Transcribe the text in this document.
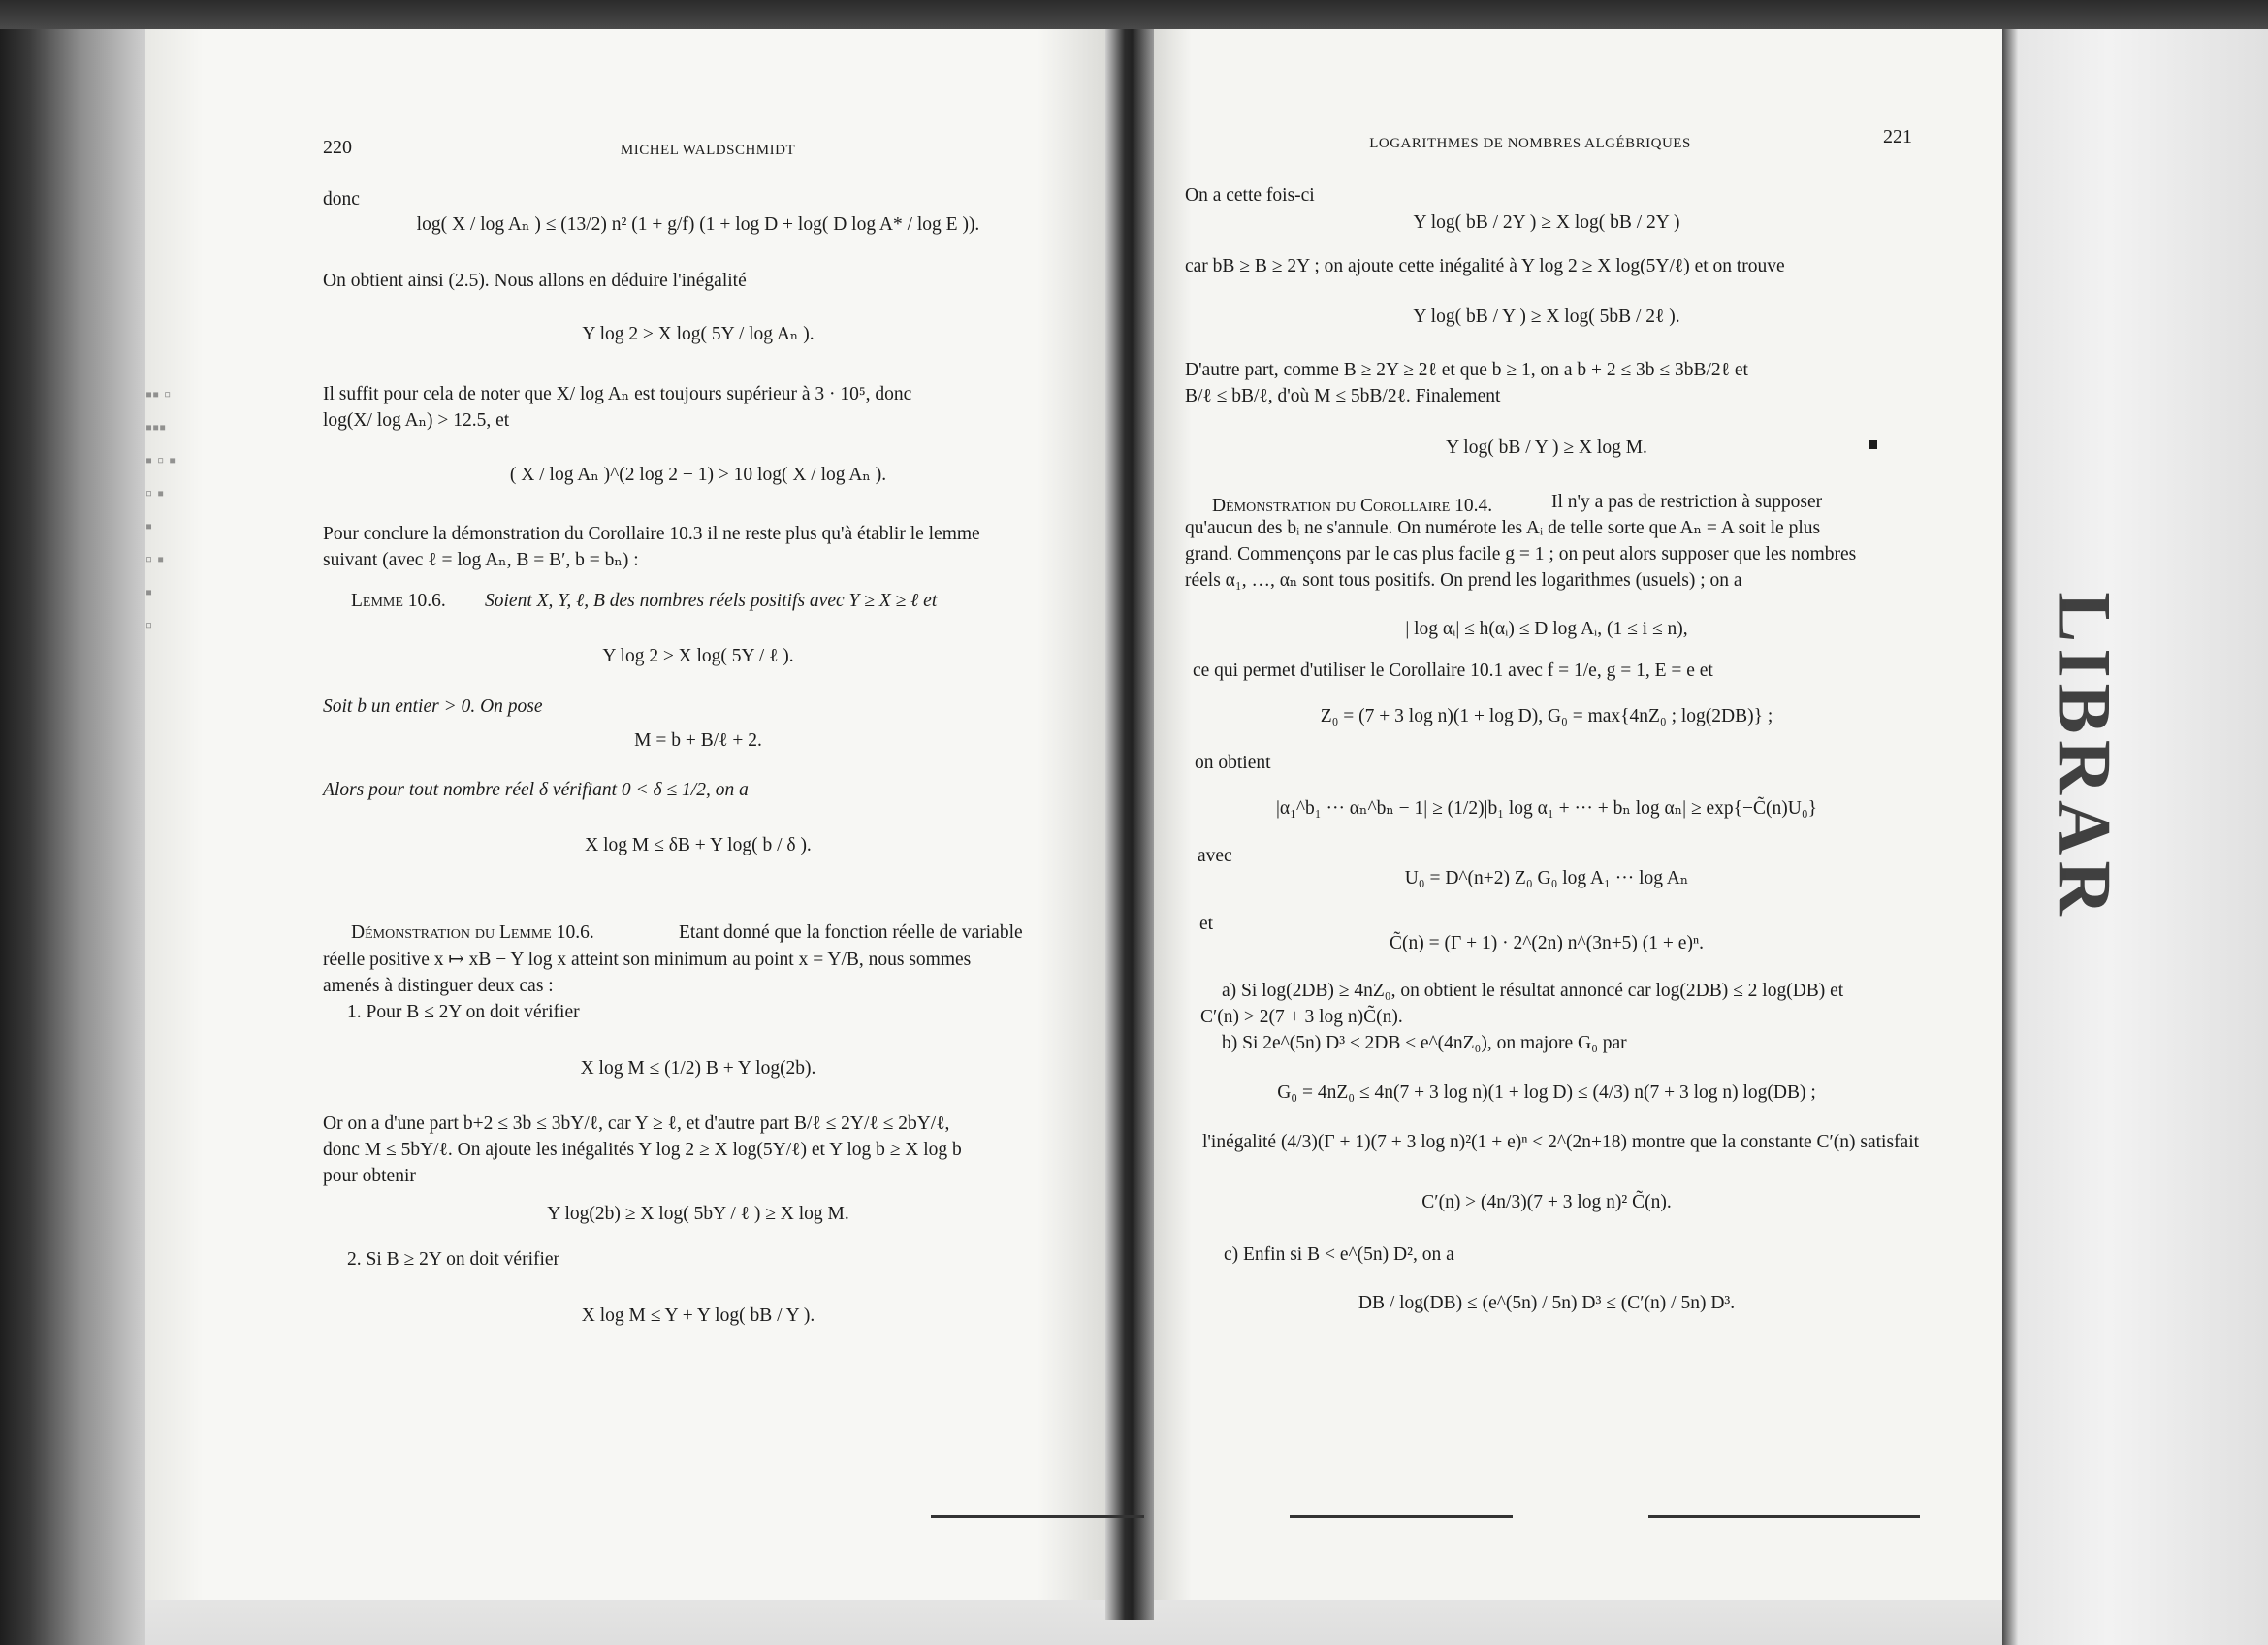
LIBRAR
▪▪ ▫
▪▪▪
▪ ▫ ▪
▫ ▪
▪
▫ ▪
▪
▫
220	MICHEL WALDSCHMIDT
donc
log( X / log Aₙ ) ≤ (13/2) n² (1 + g/f) (1 + log D + log( D log A* / log E )).
On obtient ainsi (2.5). Nous allons en déduire l'inégalité
Y log 2 ≥ X log( 5Y / log Aₙ ).
Il suffit pour cela de noter que X/ log Aₙ est toujours supérieur à 3 · 10⁵, donc
log(X/ log Aₙ) > 12.5, et
( X / log Aₙ )^(2 log 2 − 1) > 10 log( X / log Aₙ ).
Pour conclure la démonstration du Corollaire 10.3 il ne reste plus qu'à établir le lemme
suivant (avec ℓ = log Aₙ, B = B′, b = bₙ) :
Lemme 10.6. Soient X, Y, ℓ, B des nombres réels positifs avec Y ≥ X ≥ ℓ et
Y log 2 ≥ X log( 5Y / ℓ ).
Soit b un entier > 0. On pose
M = b + B/ℓ + 2.
Alors pour tout nombre réel δ vérifiant 0 < δ ≤ 1/2, on a
X log M ≤ δB + Y log( b / δ ).
Démonstration du Lemme 10.6.	Etant donné que la fonction réelle de variable
réelle positive x ↦ xB − Y log x atteint son minimum au point x = Y/B, nous sommes
amenés à distinguer deux cas :
1. Pour B ≤ 2Y on doit vérifier
X log M ≤ (1/2) B + Y log(2b).
Or on a d'une part b+2 ≤ 3b ≤ 3bY/ℓ, car Y ≥ ℓ, et d'autre part B/ℓ ≤ 2Y/ℓ ≤ 2bY/ℓ,
donc M ≤ 5bY/ℓ. On ajoute les inégalités Y log 2 ≥ X log(5Y/ℓ) et Y log b ≥ X log b
pour obtenir
Y log(2b) ≥ X log( 5bY / ℓ ) ≥ X log M.
2. Si B ≥ 2Y on doit vérifier
X log M ≤ Y + Y log( bB / Y ).
LOGARITHMES DE NOMBRES ALGÉBRIQUES	221
On a cette fois-ci
Y log( bB / 2Y ) ≥ X log( bB / 2Y )
car bB ≥ B ≥ 2Y ; on ajoute cette inégalité à Y log 2 ≥ X log(5Y/ℓ) et on trouve
Y log( bB / Y ) ≥ X log( 5bB / 2ℓ ).
D'autre part, comme B ≥ 2Y ≥ 2ℓ et que b ≥ 1, on a b + 2 ≤ 3b ≤ 3bB/2ℓ et
B/ℓ ≤ bB/ℓ, d'où M ≤ 5bB/2ℓ. Finalement
Y log( bB / Y ) ≥ X log M.
Démonstration du Corollaire 10.4.	Il n'y a pas de restriction à supposer
qu'aucun des bᵢ ne s'annule. On numérote les Aᵢ de telle sorte que Aₙ = A soit le plus
grand. Commençons par le cas plus facile g = 1 ; on peut alors supposer que les nombres
réels α₁, …, αₙ sont tous positifs. On prend les logarithmes (usuels) ; on a
| log αᵢ| ≤ h(αᵢ) ≤ D log Aᵢ, (1 ≤ i ≤ n),
ce qui permet d'utiliser le Corollaire 10.1 avec f = 1/e, g = 1, E = e et
Z₀ = (7 + 3 log n)(1 + log D), G₀ = max{4nZ₀ ; log(2DB)} ;
on obtient
|α₁^b₁ ··· αₙ^bₙ − 1| ≥ (1/2)|b₁ log α₁ + ··· + bₙ log αₙ| ≥ exp{−C̃(n)U₀}
avec
U₀ = D^(n+2) Z₀ G₀ log A₁ ··· log Aₙ
et
C̃(n) = (Γ + 1) · 2^(2n) n^(3n+5) (1 + e)ⁿ.
a) Si log(2DB) ≥ 4nZ₀, on obtient le résultat annoncé car log(2DB) ≤ 2 log(DB) et
C′(n) > 2(7 + 3 log n)C̃(n).
b) Si 2e^(5n) D³ ≤ 2DB ≤ e^(4nZ₀), on majore G₀ par
G₀ = 4nZ₀ ≤ 4n(7 + 3 log n)(1 + log D) ≤ (4/3) n(7 + 3 log n) log(DB) ;
l'inégalité (4/3)(Γ + 1)(7 + 3 log n)²(1 + e)ⁿ < 2^(2n+18) montre que la constante C′(n) satisfait
C′(n) > (4n/3)(7 + 3 log n)² C̃(n).
c) Enfin si B < e^(5n) D², on a
DB / log(DB) ≤ (e^(5n) / 5n) D³ ≤ (C′(n) / 5n) D³.
